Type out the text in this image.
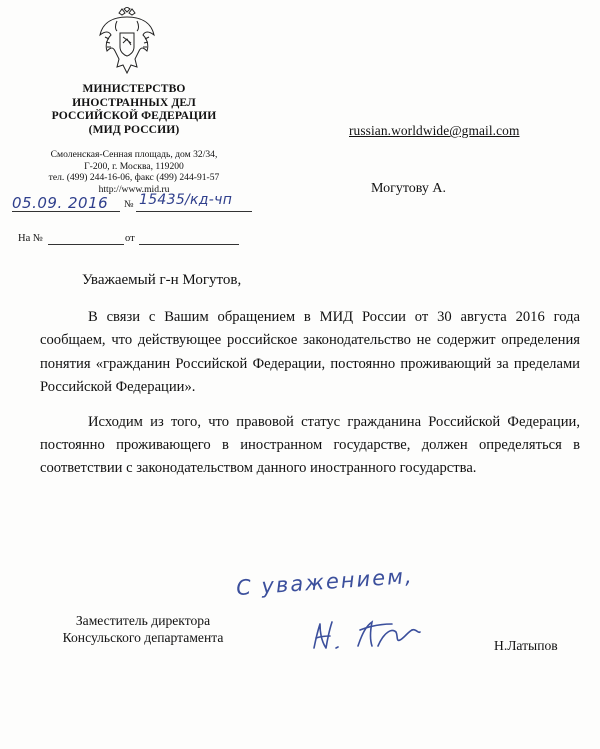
МИНИСТЕРСТВО
ИНОСТРАННЫХ ДЕЛ
РОССИЙСКОЙ ФЕДЕРАЦИИ
(МИД РОССИИ)
Смоленская-Сенная площадь, дом 32/34,
Г-200, г. Москва, 119200
тел. (499) 244-16-06, факс (499) 244-91-57
http://www.mid.ru
05.09. 2016 № 15435/кд-чп
На №	от
russian.worldwide@gmail.com
Могутову А.
Уважаемый г-н Могутов,

В связи с Вашим обращением в МИД России от 30 августа 2016 года сообщаем, что действующее российское законодательство не содержит определения понятия «гражданин Российской Федерации, постоянно проживающий за пределами Российской Федерации».

Исходим из того, что правовой статус гражданина Российской Федерации, постоянно проживающего в иностранном государстве, должен определяться в соответствии с законодательством данного иностранного государства.

С уважением,
Заместитель директора
Консульского департамента
Н.Латыпов
